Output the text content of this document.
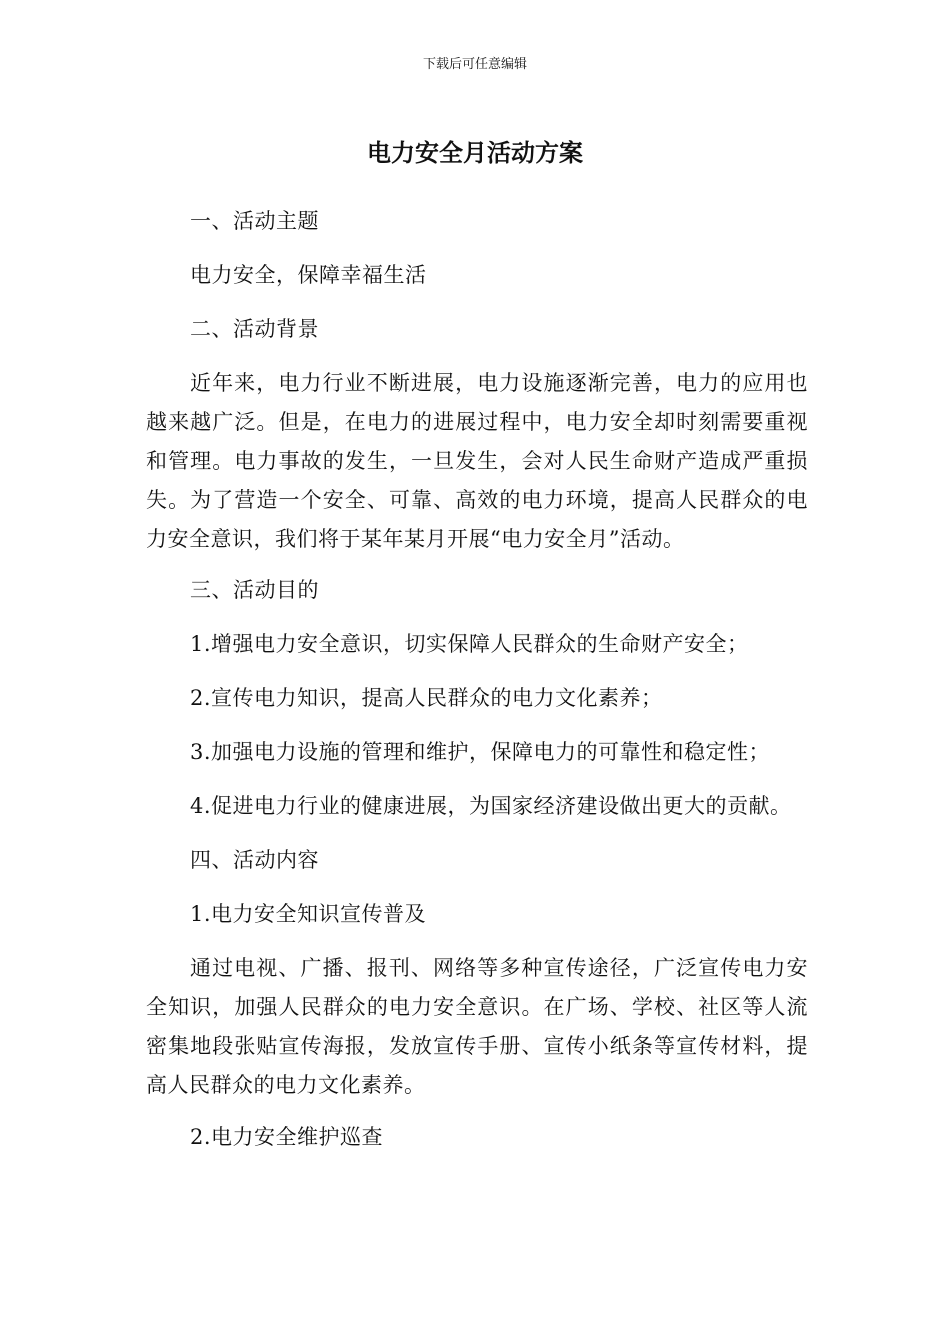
下载后可任意编辑
电力安全月活动方案
一、活动主题
电力安全，保障幸福生活
二、活动背景
近年来，电力行业不断进展，电力设施逐渐完善，电力的应用也越来越广泛。但是，在电力的进展过程中，电力安全却时刻需要重视和管理。电力事故的发生，一旦发生，会对人民生命财产造成严重损失。为了营造一个安全、可靠、高效的电力环境，提高人民群众的电力安全意识，我们将于某年某月开展“电力安全月”活动。
三、活动目的
1.增强电力安全意识，切实保障人民群众的生命财产安全；
2.宣传电力知识，提高人民群众的电力文化素养；
3.加强电力设施的管理和维护，保障电力的可靠性和稳定性；
4.促进电力行业的健康进展，为国家经济建设做出更大的贡献。
四、活动内容
1.电力安全知识宣传普及
通过电视、广播、报刊、网络等多种宣传途径，广泛宣传电力安全知识，加强人民群众的电力安全意识。在广场、学校、社区等人流密集地段张贴宣传海报，发放宣传手册、宣传小纸条等宣传材料，提高人民群众的电力文化素养。
2.电力安全维护巡查
